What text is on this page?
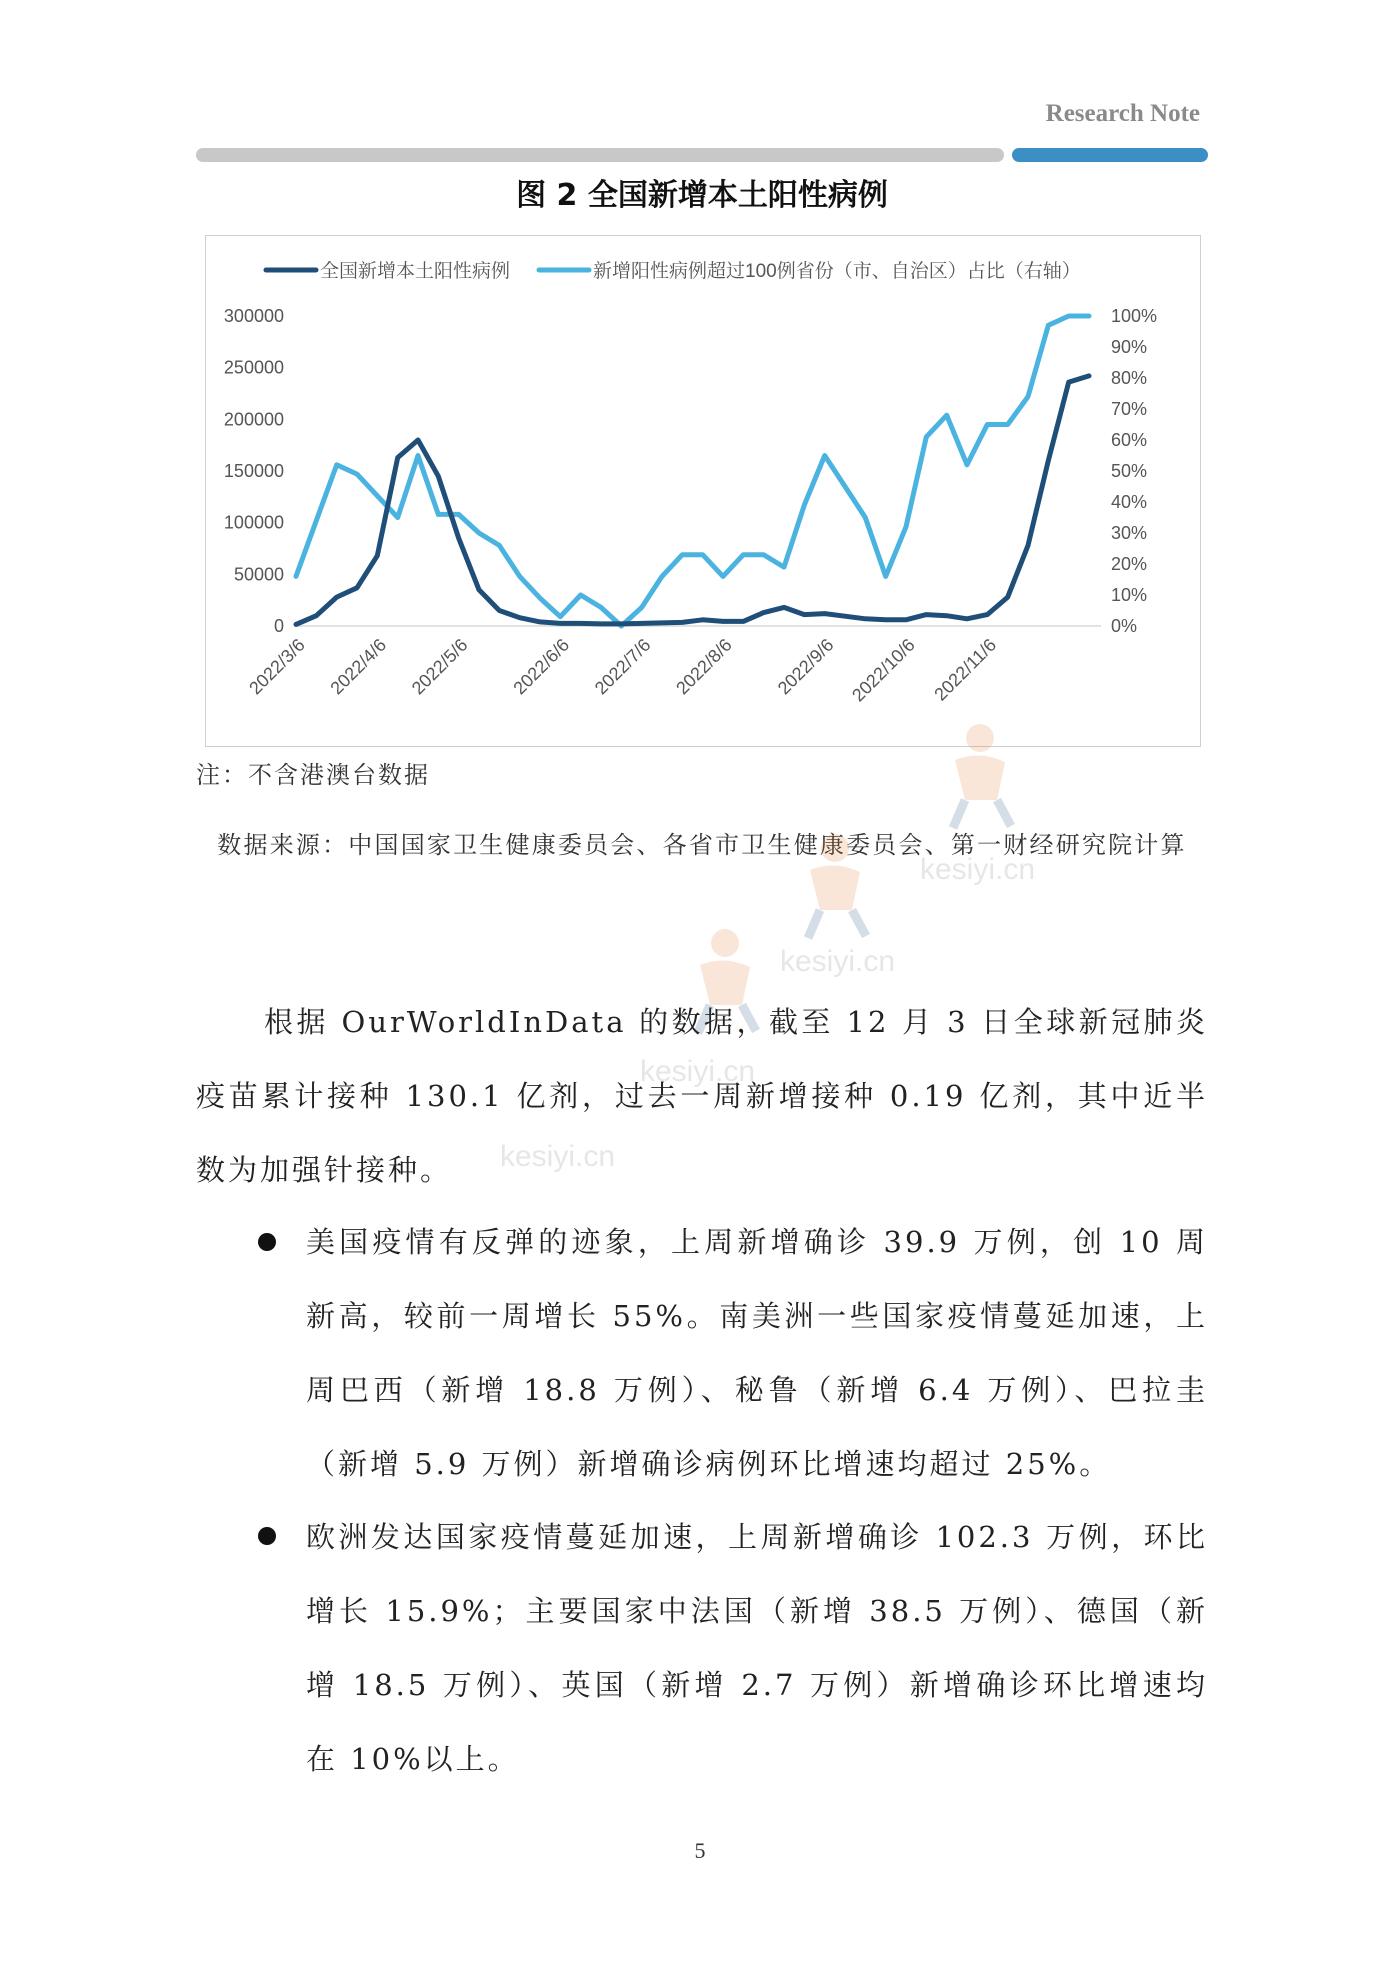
Research Note
图 2 全国新增本土阳性病例
全国新增本土阳性病例	新增阳性病例超过100例省份（市、自治区）占比（右轴）
0
50000
100000
150000
200000
250000
300000
0%
10%
20%
30%
40%
50%
60%
70%
80%
90%
100%
2022/3/6 2022/4/6 2022/5/6 2022/6/6 2022/7/6 2022/8/6 2022/9/6 2022/10/6 2022/11/6
注：不含港澳台数据
数据来源：中国国家卫生健康委员会、各省市卫生健康委员会、第一财经研究院计算
根据 OurWorldInData 的数据，截至 12 月 3 日全球新冠肺炎疫苗累计接种 130.1 亿剂，过去一周新增接种 0.19 亿剂，其中近半数为加强针接种。
美国疫情有反弹的迹象，上周新增确诊 39.9 万例，创 10 周新高，较前一周增长 55%。南美洲一些国家疫情蔓延加速，上周巴西（新增 18.8 万例）、秘鲁（新增 6.4 万例）、巴拉圭（新增 5.9 万例）新增确诊病例环比增速均超过 25%。
欧洲发达国家疫情蔓延加速，上周新增确诊 102.3 万例，环比增长 15.9%；主要国家中法国（新增 38.5 万例）、德国（新增 18.5 万例）、英国（新增 2.7 万例）新增确诊环比增速均在 10%以上。
kesiyi.cn
kesiyi.cn
kesiyi.cn
kesiyi.cn
5
